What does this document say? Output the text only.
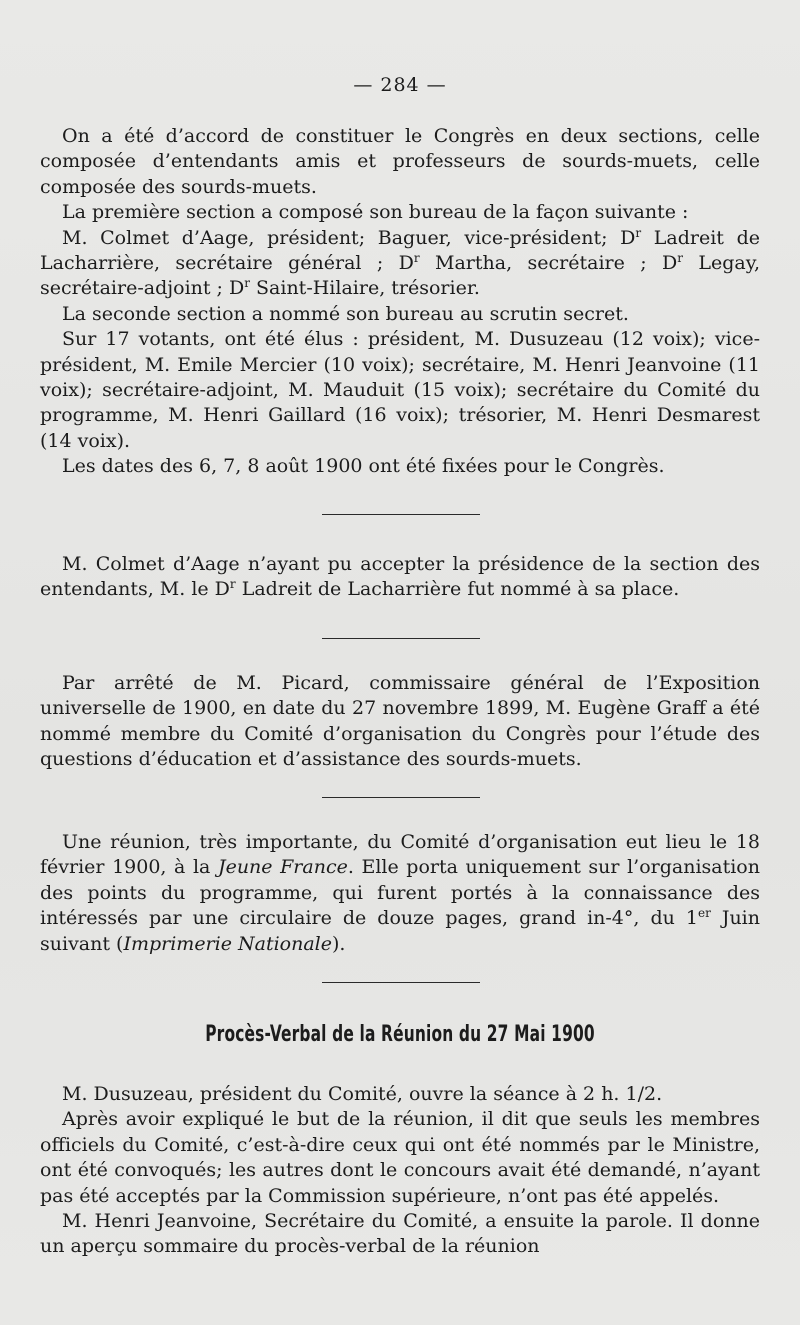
— 284 —

On a été d’accord de constituer le Congrès en deux sections, celle composée d’entendants amis et professeurs de sourds-muets, celle composée des sourds-muets.

La première section a composé son bureau de la façon suivante :

M. Colmet d’Aage, président; Baguer, vice-président; $D^r$ Ladreit de Lacharrière, secrétaire général ; $D^r$ Martha, secrétaire ; $D^r$ Legay, secrétaire-adjoint ; $D^r$ Saint-Hilaire, trésorier.

La seconde section a nommé son bureau au scrutin secret.

Sur 17 votants, ont été élus : président, M. Dusuzeau (12 voix); vice-président, M. Emile Mercier (10 voix); secrétaire, M. Henri Jeanvoine (11 voix); secrétaire-adjoint, M. Mauduit (15 voix); secrétaire du Comité du programme, M. Henri Gaillard (16 voix); trésorier, M. Henri Desmarest (14 voix).

Les dates des 6, 7, 8 août 1900 ont été fixées pour le Congrès.

M. Colmet d’Aage n’ayant pu accepter la présidence de la section des entendants, M. le $D^r$ Ladreit de Lacharrière fut nommé à sa place.

Par arrêté de M. Picard, commissaire général de l’Exposition universelle de 1900, en date du 27 novembre 1899, M. Eugène Graff a été nommé membre du Comité d’organisation du Congrès pour l’étude des questions d’éducation et d’assistance des sourds-muets.

Une réunion, très importante, du Comité d’organisation eut lieu le 18 février 1900, à la Jeune France. Elle porta uniquement sur l’organisation des points du programme, qui furent portés à la connaissance des intéressés par une circulaire de douze pages, grand in-4°, du 1er Juin suivant (Imprimerie Nationale).

Procès-Verbal de la Réunion du 27 Mai 1900

M. Dusuzeau, président du Comité, ouvre la séance à 2 h. 1/2.

Après avoir expliqué le but de la réunion, il dit que seuls les membres officiels du Comité, c’est-à-dire ceux qui ont été nommés par le Ministre, ont été convoqués; les autres dont le concours avait été demandé, n’ayant pas été acceptés par la Commission supérieure, n’ont pas été appelés.

M. Henri Jeanvoine, Secrétaire du Comité, a ensuite la parole. Il donne un aperçu sommaire du procès-verbal de la réunion
